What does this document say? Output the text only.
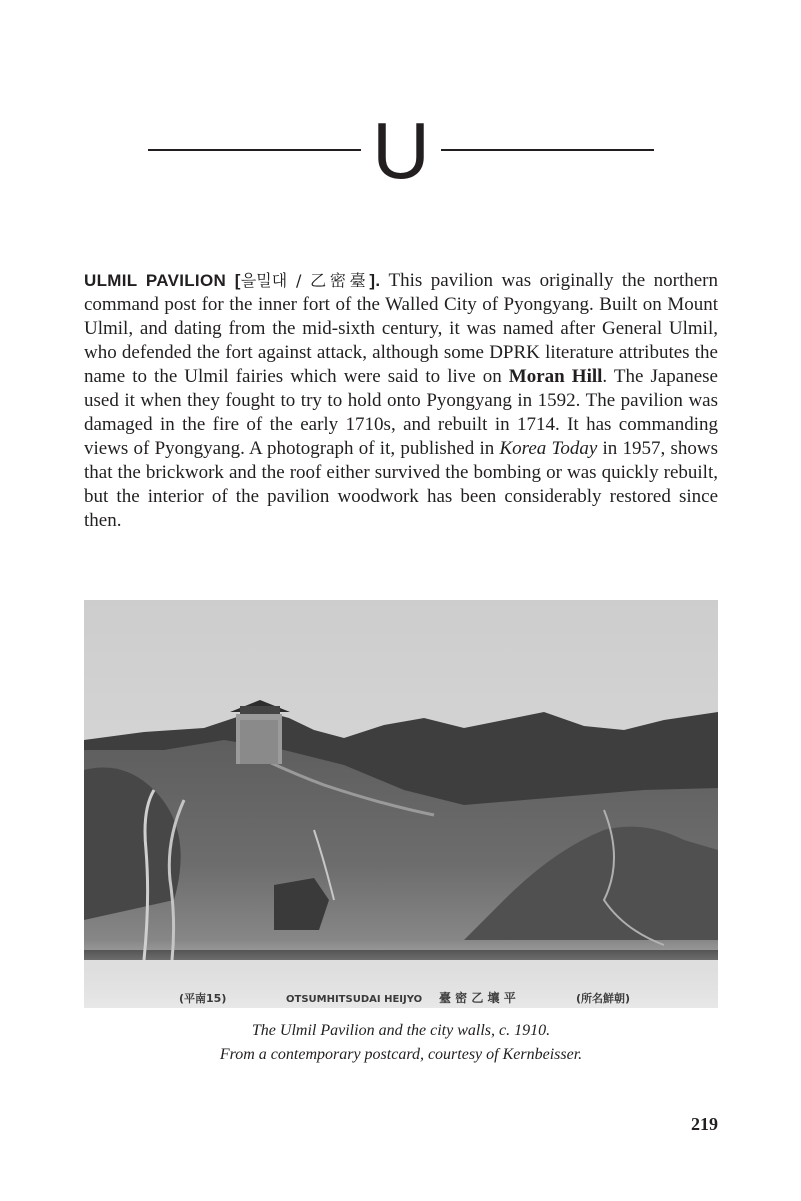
U

ULMIL PAVILION [을밀대 / 乙密臺]. This pavilion was originally the northern command post for the inner fort of the Walled City of Pyongyang. Built on Mount Ulmil, and dating from the mid-sixth century, it was named after General Ulmil, who defended the fort against attack, although some DPRK literature attributes the name to the Ulmil fairies which were said to live on Moran Hill. The Japanese used it when they fought to try to hold onto Pyongyang in 1592. The pavilion was damaged in the fire of the early 1710s, and rebuilt in 1714. It has commanding views of Pyongyang. A photograph of it, published in Korea Today in 1957, shows that the brickwork and the roof either survived the bombing or was quickly rebuilt, but the interior of the pavilion woodwork has been considerably restored since then.

(平南15)	OTSUMHITSUDAI HEIJYO 臺 密 乙 壤 平	(所名鮮朝)
The Ulmil Pavilion and the city walls, c. 1910.
From a contemporary postcard, courtesy of Kernbeisser.
219
